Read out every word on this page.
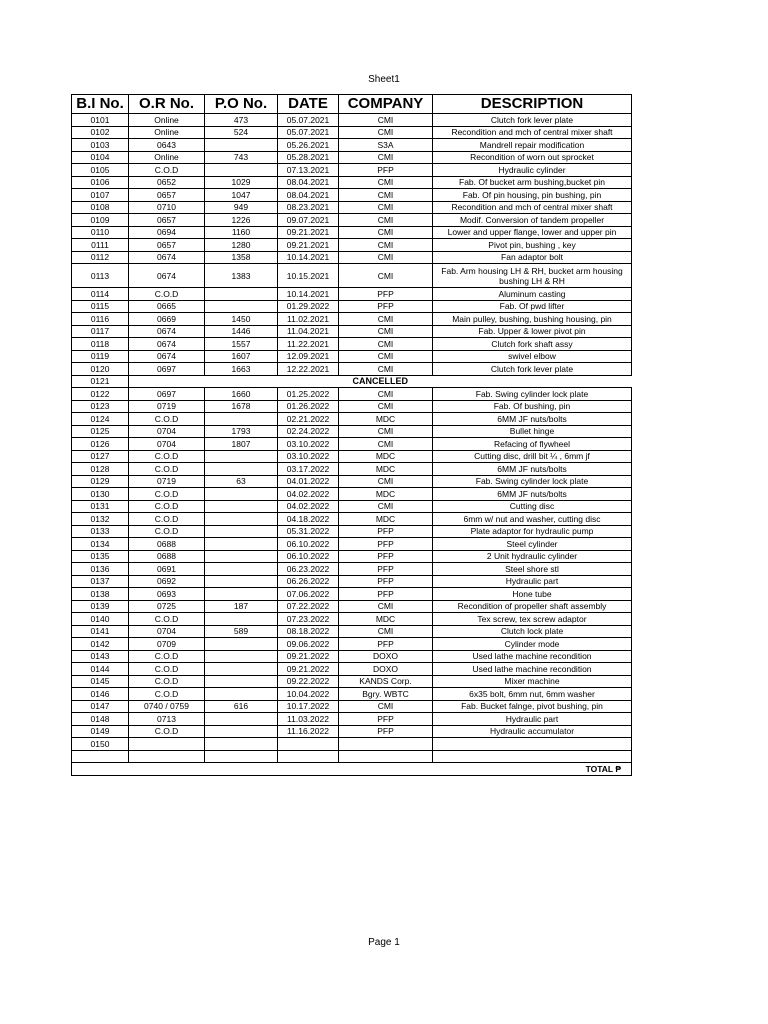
Sheet1
B.I No.	O.R No.	P.O No.	DATE	COMPANY	DESCRIPTION
0101	Online	473	05.07.2021	CMI	Clutch fork lever plate
0102	Online	524	05.07.2021	CMI	Recondition and mch of central mixer shaft
0103	0643		05.26.2021	S3A	Mandrell repair modification
0104	Online	743	05.28.2021	CMI	Recondition of worn out sprocket
0105	C.O.D		07.13.2021	PFP	Hydraulic cylinder
0106	0652	1029	08.04.2021	CMI	Fab. Of bucket arm bushing,bucket pin
0107	0657	1047	08.04.2021	CMI	Fab. Of pin housing, pin bushing, pin
0108	0710	949	08.23.2021	CMI	Recondition and mch of central mixer shaft
0109	0657	1226	09.07.2021	CMI	Modif. Conversion of tandem propeller
0110	0694	1160	09.21.2021	CMI	Lower and upper flange, lower and upper pin
0111	0657	1280	09.21.2021	CMI	Pivot pin, bushing , key
0112	0674	1358	10.14.2021	CMI	Fan adaptor bolt
0113	0674	1383	10.15.2021	CMI	Fab. Arm housing LH & RH, bucket arm housing bushing LH & RH
0114	C.O.D		10.14.2021	PFP	Aluminum casting
0115	0665		01.29.2022	PFP	Fab. Of pwd lifter
0116	0669	1450	11.02.2021	CMI	Main pulley, bushing, bushing housing, pin
0117	0674	1446	11.04.2021	CMI	Fab. Upper & lower pivot pin
0118	0674	1557	11.22.2021	CMI	Clutch fork shaft assy
0119	0674	1607	12.09.2021	CMI	swivel elbow
0120	0697	1663	12.22.2021	CMI	Clutch fork lever plate
0121	CANCELLED				
0122	0697	1660	01.25.2022	CMI	Fab. Swing cylinder lock plate
0123	0719	1678	01.26.2022	CMI	Fab. Of bushing, pin
0124	C.O.D		02.21.2022	MDC	6MM JF nuts/bolts
0125	0704	1793	02.24.2022	CMI	Bullet hinge
0126	0704	1807	03.10.2022	CMI	Refacing of flywheel
0127	C.O.D		03.10.2022	MDC	Cutting disc, drill bit ¼ , 6mm jf
0128	C.O.D		03.17.2022	MDC	6MM JF nuts/bolts
0129	0719	63	04.01.2022	CMI	Fab. Swing cylinder lock plate
0130	C.O.D		04.02.2022	MDC	6MM JF nuts/bolts
0131	C.O.D		04.02.2022	CMI	Cutting disc
0132	C.O.D		04.18.2022	MDC	6mm w/ nut and washer, cutting disc
0133	C.O.D		05.31.2022	PFP	Plate adaptor for hydraulic pump
0134	0688		06.10.2022	PFP	Steel cylinder
0135	0688		06.10.2022	PFP	2 Unit hydraulic cylinder
0136	0691		06.23.2022	PFP	Steel shore stl
0137	0692		06.26.2022	PFP	Hydraulic part
0138	0693		07.06.2022	PFP	Hone tube
0139	0725	187	07.22.2022	CMI	Recondition of propeller shaft assembly
0140	C.O.D		07.23.2022	MDC	Tex screw, tex screw adaptor
0141	0704	589	08.18.2022	CMI	Clutch lock plate
0142	0709		09.06.2022	PFP	Cylinder mode
0143	C.O.D		09.21.2022	DOXO	Used lathe machine recondition
0144	C.O.D		09.21.2022	DOXO	Used lathe machine recondition
0145	C.O.D		09.22.2022	KANDS Corp.	Mixer machine
0146	C.O.D		10.04.2022	Bgry. WBTC	6x35 bolt, 6mm nut, 6mm washer
0147	0740 / 0759	616	10.17.2022	CMI	Fab. Bucket falnge, pivot bushing, pin
0148	0713		11.03.2022	PFP	Hydraulic part
0149	C.O.D		11.16.2022	PFP	Hydraulic accumulator
0150					

TOTAL ₱					
Page 1
